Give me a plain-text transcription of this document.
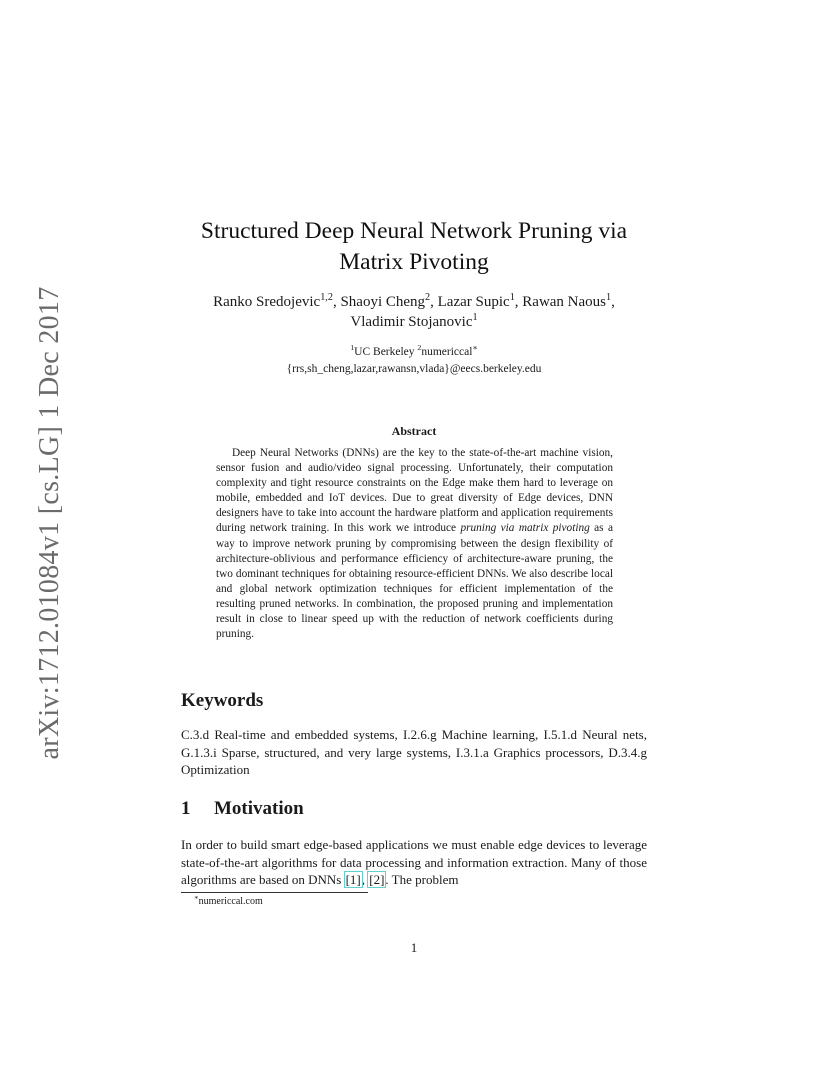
arXiv:1712.01084v1 [cs.LG] 1 Dec 2017
Structured Deep Neural Network Pruning via
Matrix Pivoting
Ranko Sredojevic$^{1,2}$, Shaoyi Cheng$^2$, Lazar Supic$^1$, Rawan Naous$^1$,
Vladimir Stojanovic$^1$
$^1$UC Berkeley $^2$numericcal∗
{rrs,sh_cheng,lazar,rawansn,vlada}@eecs.berkeley.edu
Abstract

Deep Neural Networks (DNNs) are the key to the state-of-the-art machine vision, sensor fusion and audio/video signal processing. Unfortunately, their computation complexity and tight resource constraints on the Edge make them hard to leverage on mobile, embedded and IoT devices. Due to great diversity of Edge devices, DNN designers have to take into account the hardware platform and application requirements during network training. In this work we introduce pruning via matrix pivoting as a way to improve network pruning by compromising between the design flexibility of architecture-oblivious and performance efficiency of architecture-aware pruning, the two dominant techniques for obtaining resource-efficient DNNs. We also describe local and global network optimization techniques for efficient implementation of the resulting pruned networks. In combination, the proposed pruning and implementation result in close to linear speed up with the reduction of network coefficients during pruning.

Keywords

C.3.d Real-time and embedded systems, I.2.6.g Machine learning, I.5.1.d Neural nets, G.1.3.i Sparse, structured, and very large systems, I.3.1.a Graphics processors, D.3.4.g Optimization

1 Motivation

In order to build smart edge-based applications we must enable edge devices to leverage state-of-the-art algorithms for data processing and information extraction. Many of those algorithms are based on DNNs [1], [2]. The problem

∗numericcal.com
1
